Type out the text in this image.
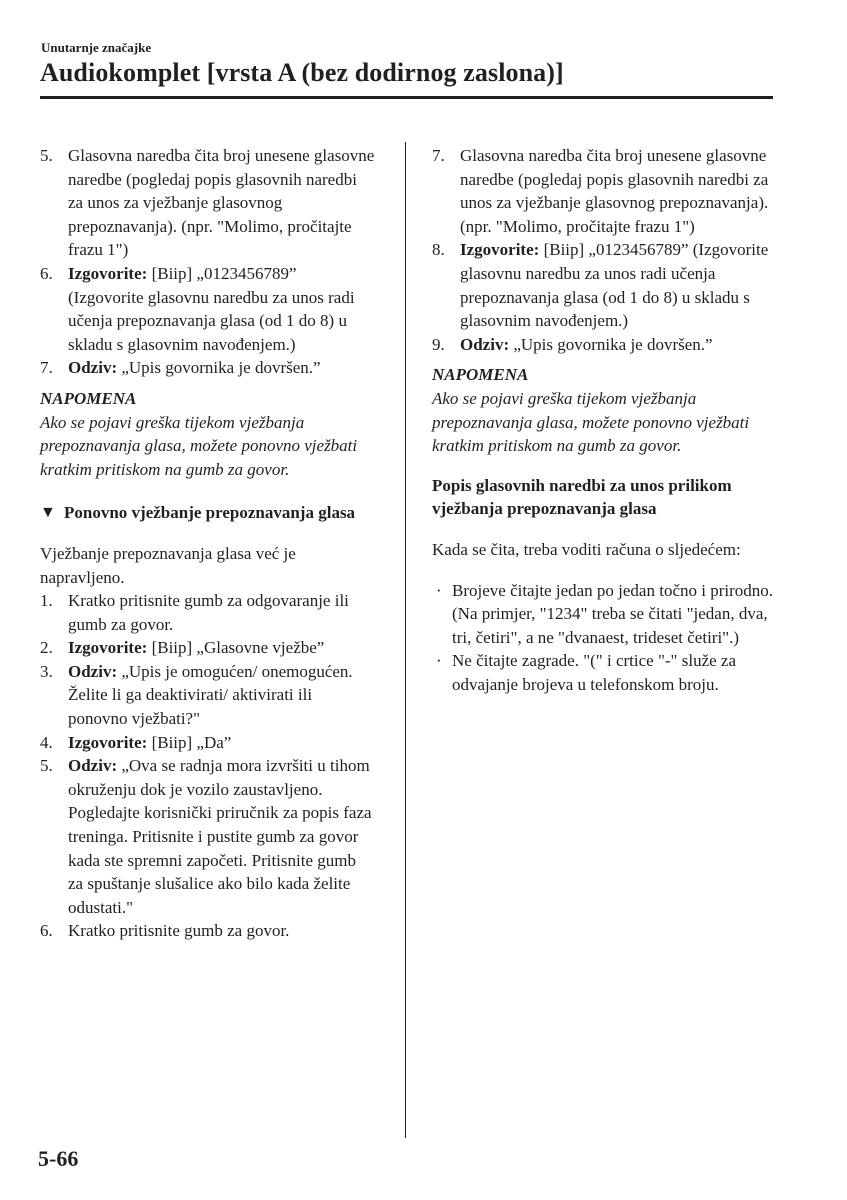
Unutarnje značajke
Audiokomplet [vrsta A (bez dodirnog zaslona)]
5. Glasovna naredba čita broj unesene glasovne naredbe (pogledaj popis glasovnih naredbi za unos za vježbanje glasovnog prepoznavanja). (npr. "Molimo, pročitajte frazu 1")
6. Izgovorite: [Biip] „0123456789” (Izgovorite glasovnu naredbu za unos radi učenja prepoznavanja glasa (od 1 do 8) u skladu s glasovnim navođenjem.)
7. Odziv: „Upis govornika je dovršen.”
NAPOMENA
Ako se pojavi greška tijekom vježbanja prepoznavanja glasa, možete ponovno vježbati kratkim pritiskom na gumb za govor.
▼ Ponovno vježbanje prepoznavanja glasa
Vježbanje prepoznavanja glasa već je napravljeno.
1. Kratko pritisnite gumb za odgovaranje ili gumb za govor.
2. Izgovorite: [Biip] „Glasovne vježbe”
3. Odziv: „Upis je omogućen/ onemogućen. Želite li ga deaktivirati/ aktivirati ili ponovno vježbati?"
4. Izgovorite: [Biip] „Da”
5. Odziv: „Ova se radnja mora izvršiti u tihom okruženju dok je vozilo zaustavljeno. Pogledajte korisnički priručnik za popis faza treninga. Pritisnite i pustite gumb za govor kada ste spremni započeti. Pritisnite gumb za spuštanje slušalice ako bilo kada želite odustati."
6. Kratko pritisnite gumb za govor.
7. Glasovna naredba čita broj unesene glasovne naredbe (pogledaj popis glasovnih naredbi za unos za vježbanje glasovnog prepoznavanja). (npr. "Molimo, pročitajte frazu 1")
8. Izgovorite: [Biip] „0123456789” (Izgovorite glasovnu naredbu za unos radi učenja prepoznavanja glasa (od 1 do 8) u skladu s glasovnim navođenjem.)
9. Odziv: „Upis govornika je dovršen.”
NAPOMENA
Ako se pojavi greška tijekom vježbanja prepoznavanja glasa, možete ponovno vježbati kratkim pritiskom na gumb za govor.
Popis glasovnih naredbi za unos prilikom vježbanja prepoznavanja glasa
Kada se čita, treba voditi računa o sljedećem:
· Brojeve čitajte jedan po jedan točno i prirodno.
(Na primjer, "1234" treba se čitati "jedan, dva, tri, četiri", a ne "dvanaest, trideset četiri".)
· Ne čitajte zagrade. "(" i crtice "-" služe za odvajanje brojeva u telefonskom broju.
5-66
